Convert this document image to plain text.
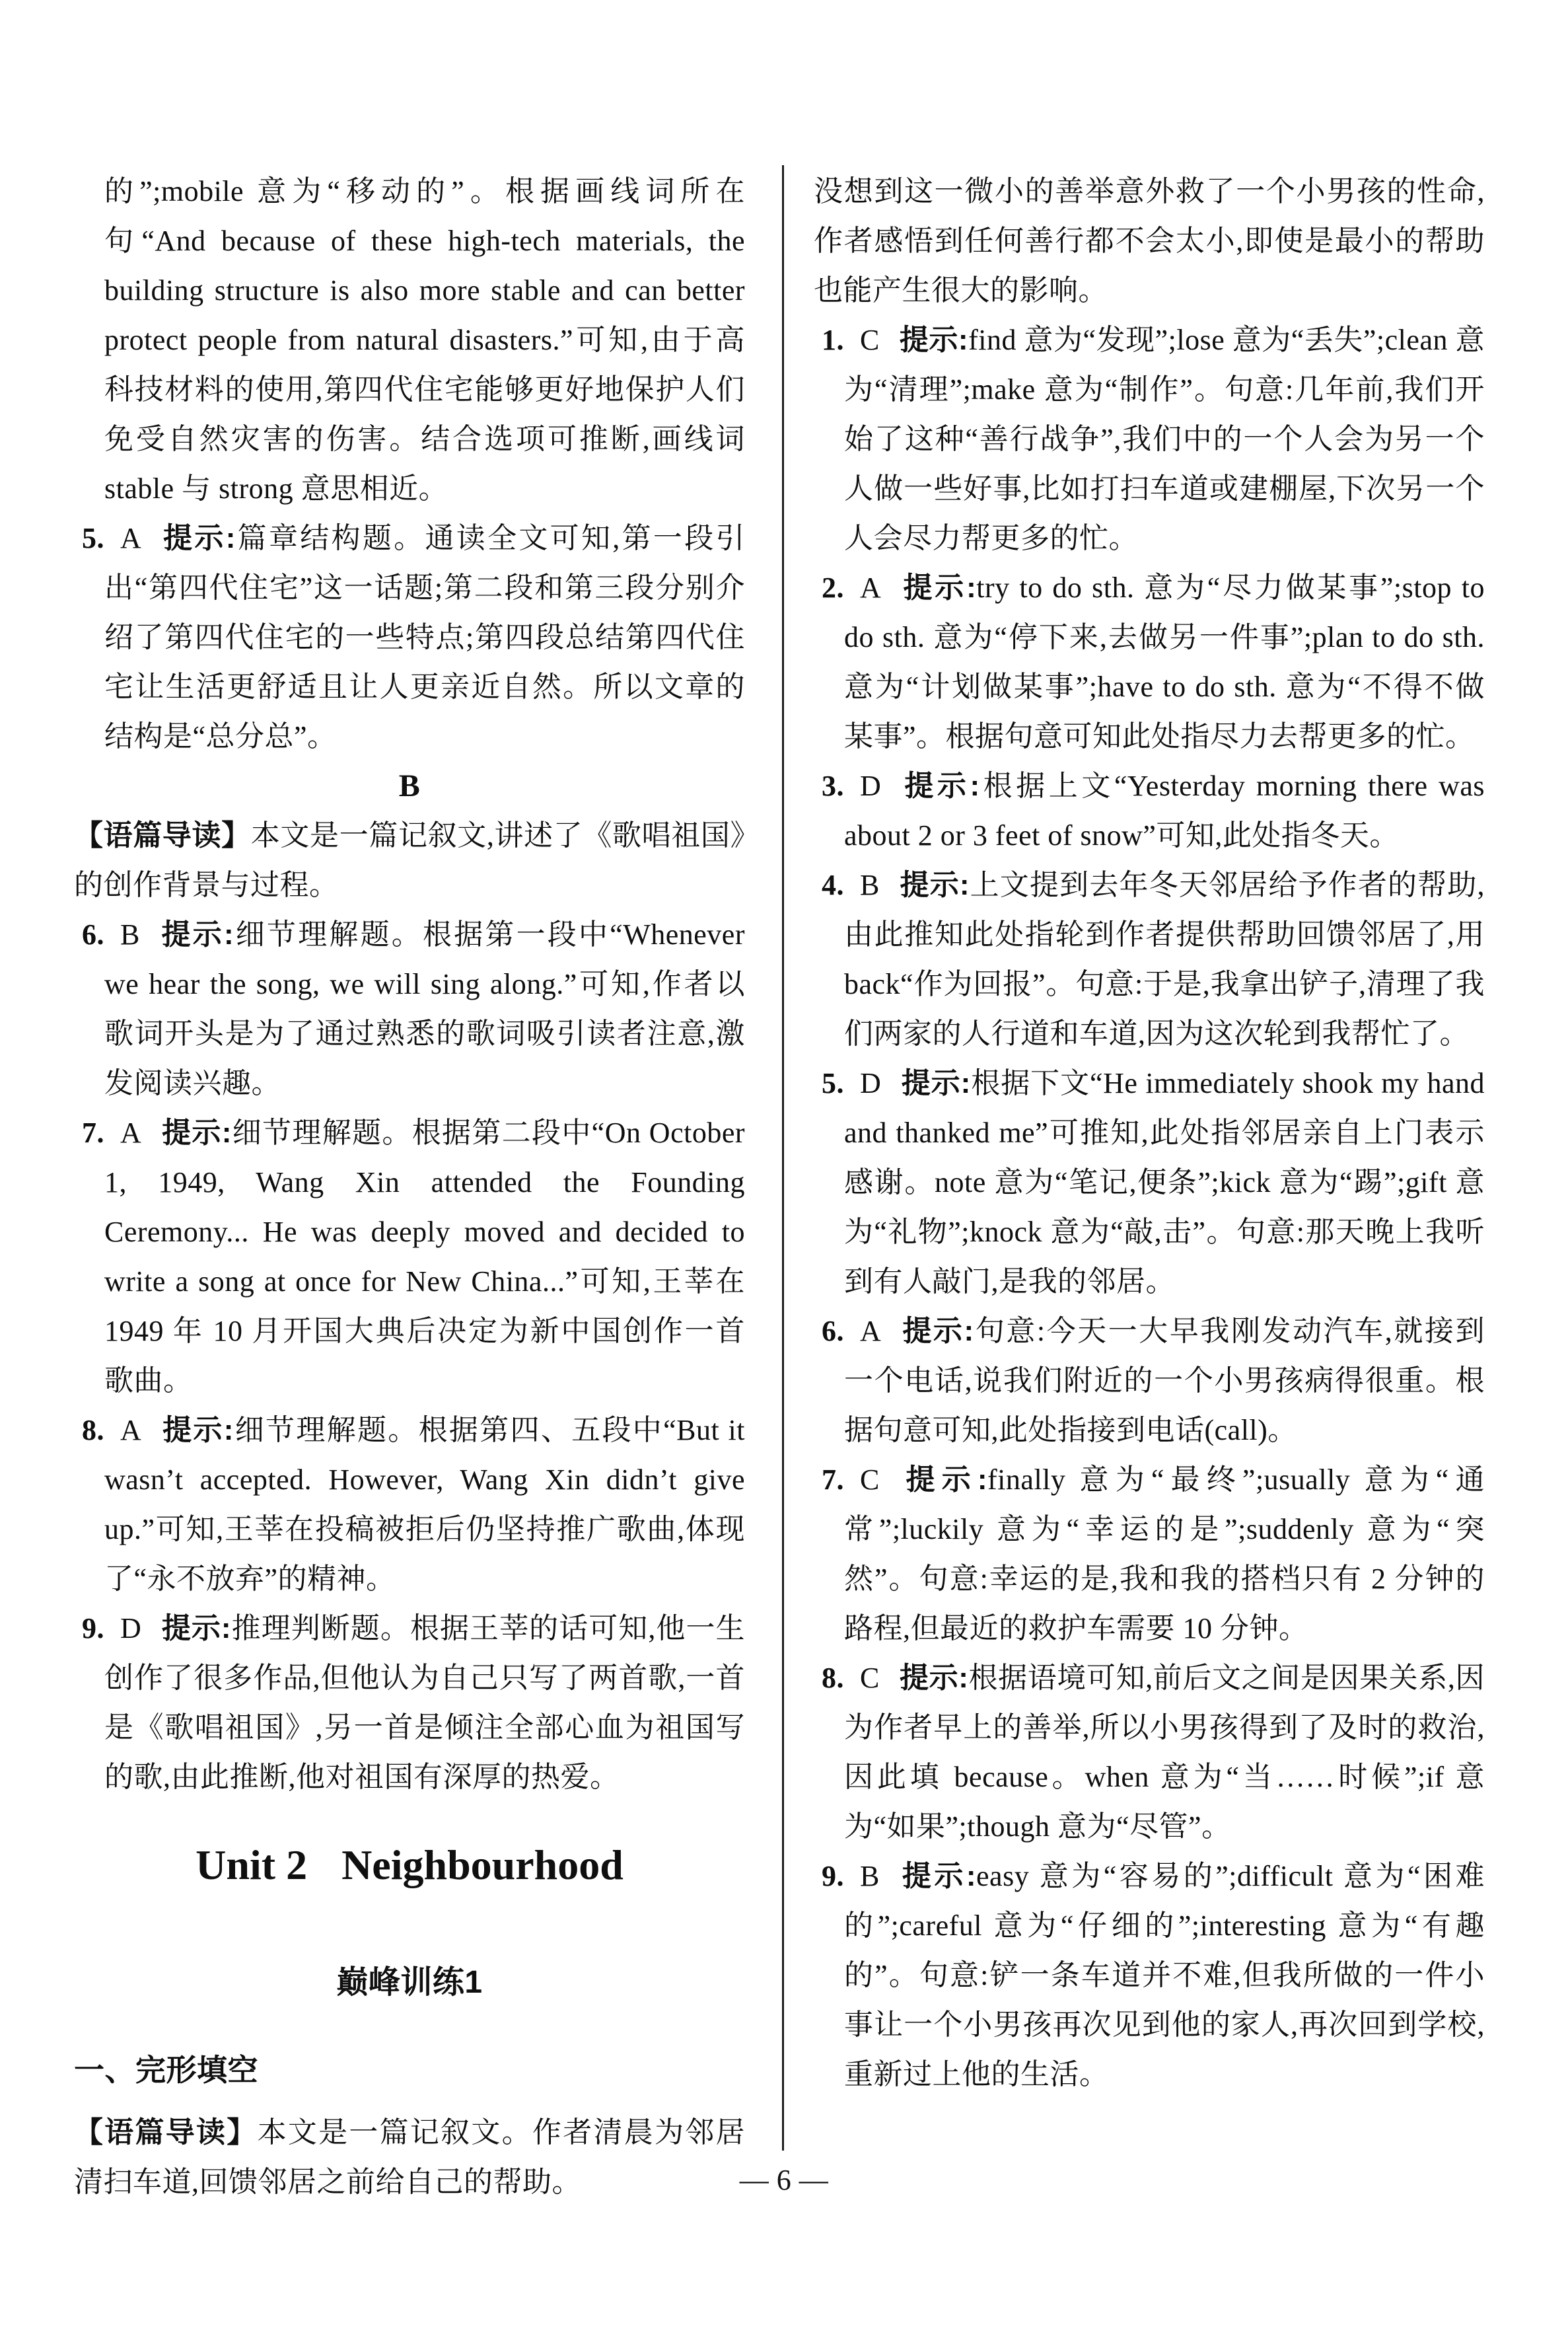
的”;mobile 意为“移动的”。根据画线词所在句“And because of these high-tech materials, the building structure is also more stable and can better protect people from natural disasters.”可知,由于高科技材料的使用,第四代住宅能够更好地保护人们免受自然灾害的伤害。结合选项可推断,画线词 stable 与 strong 意思相近。

5. A 提示:篇章结构题。通读全文可知,第一段引出“第四代住宅”这一话题;第二段和第三段分别介绍了第四代住宅的一些特点;第四段总结第四代住宅让生活更舒适且让人更亲近自然。所以文章的结构是“总分总”。

B

【语篇导读】本文是一篇记叙文,讲述了《歌唱祖国》的创作背景与过程。

6. B 提示:细节理解题。根据第一段中“Whenever we hear the song, we will sing along.”可知,作者以歌词开头是为了通过熟悉的歌词吸引读者注意,激发阅读兴趣。

7. A 提示:细节理解题。根据第二段中“On October 1, 1949, Wang Xin attended the Founding Ceremony... He was deeply moved and decided to write a song at once for New China...”可知,王莘在 1949 年 10 月开国大典后决定为新中国创作一首歌曲。

8. A 提示:细节理解题。根据第四、五段中“But it wasn’t accepted. However, Wang Xin didn’t give up.”可知,王莘在投稿被拒后仍坚持推广歌曲,体现了“永不放弃”的精神。

9. D 提示:推理判断题。根据王莘的话可知,他一生创作了很多作品,但他认为自己只写了两首歌,一首是《歌唱祖国》,另一首是倾注全部心血为祖国写的歌,由此推断,他对祖国有深厚的热爱。

Unit 2 Neighbourhood
巅峰训练1
一、完形填空

【语篇导读】本文是一篇记叙文。作者清晨为邻居清扫车道,回馈邻居之前给自己的帮助。

没想到这一微小的善举意外救了一个小男孩的性命,作者感悟到任何善行都不会太小,即使是最小的帮助也能产生很大的影响。

1. C 提示:find 意为“发现”;lose 意为“丢失”;clean 意为“清理”;make 意为“制作”。句意:几年前,我们开始了这种“善行战争”,我们中的一个人会为另一个人做一些好事,比如打扫车道或建棚屋,下次另一个人会尽力帮更多的忙。

2. A 提示:try to do sth. 意为“尽力做某事”;stop to do sth. 意为“停下来,去做另一件事”;plan to do sth. 意为“计划做某事”;have to do sth. 意为“不得不做某事”。根据句意可知此处指尽力去帮更多的忙。

3. D 提示:根据上文“Yesterday morning there was about 2 or 3 feet of snow”可知,此处指冬天。

4. B 提示:上文提到去年冬天邻居给予作者的帮助,由此推知此处指轮到作者提供帮助回馈邻居了,用 back“作为回报”。句意:于是,我拿出铲子,清理了我们两家的人行道和车道,因为这次轮到我帮忙了。

5. D 提示:根据下文“He immediately shook my hand and thanked me”可推知,此处指邻居亲自上门表示感谢。note 意为“笔记,便条”;kick 意为“踢”;gift 意为“礼物”;knock 意为“敲,击”。句意:那天晚上我听到有人敲门,是我的邻居。

6. A 提示:句意:今天一大早我刚发动汽车,就接到一个电话,说我们附近的一个小男孩病得很重。根据句意可知,此处指接到电话(call)。

7. C 提示:finally 意为“最终”;usually 意为“通常”;luckily 意为“幸运的是”;suddenly 意为“突然”。句意:幸运的是,我和我的搭档只有 2 分钟的路程,但最近的救护车需要 10 分钟。

8. C 提示:根据语境可知,前后文之间是因果关系,因为作者早上的善举,所以小男孩得到了及时的救治,因此填 because。when 意为“当……时候”;if 意为“如果”;though 意为“尽管”。

9. B 提示:easy 意为“容易的”;difficult 意为“困难的”;careful 意为“仔细的”;interesting 意为“有趣的”。句意:铲一条车道并不难,但我所做的一件小事让一个小男孩再次见到他的家人,再次回到学校,重新过上他的生活。

— 6 —
